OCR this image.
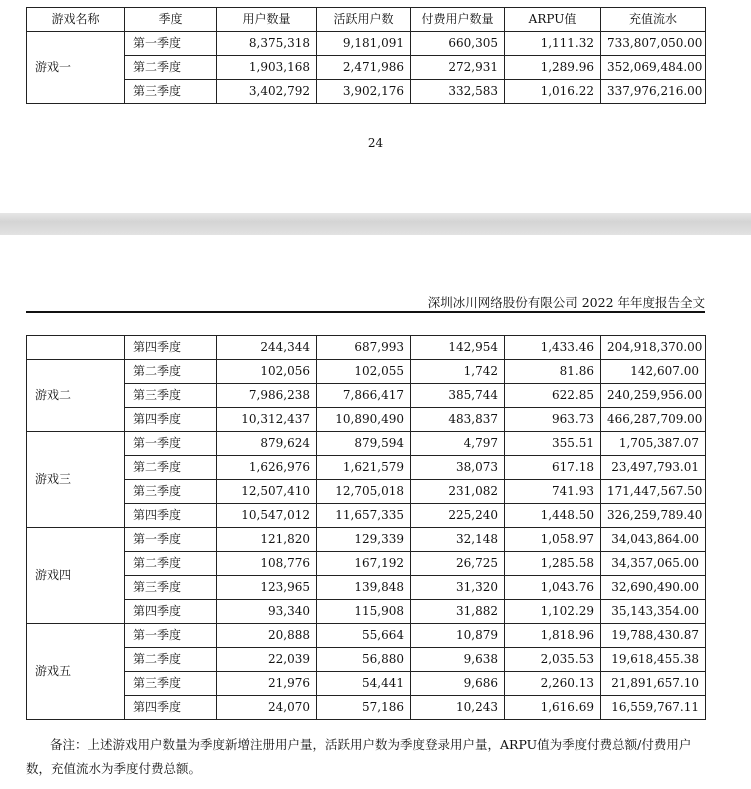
游戏名称	季度	用户数量	活跃用户数	付费用户数量	ARPU值	充值流水
游戏一	第一季度	8,375,318	9,181,091	660,305	1,111.32	733,807,050.00
	第二季度	1,903,168	2,471,986	272,931	1,289.96	352,069,484.00
	第三季度	3,402,792	3,902,176	332,583	1,016.22	337,976,216.00
24
深圳冰川网络股份有限公司 2022 年年度报告全文
	第四季度	244,344	687,993	142,954	1,433.46	204,918,370.00
游戏二	第二季度	102,056	102,055	1,742	81.86	142,607.00
	第三季度	7,986,238	7,866,417	385,744	622.85	240,259,956.00
	第四季度	10,312,437	10,890,490	483,837	963.73	466,287,709.00
游戏三	第一季度	879,624	879,594	4,797	355.51	1,705,387.07
	第二季度	1,626,976	1,621,579	38,073	617.18	23,497,793.01
	第三季度	12,507,410	12,705,018	231,082	741.93	171,447,567.50
	第四季度	10,547,012	11,657,335	225,240	1,448.50	326,259,789.40
游戏四	第一季度	121,820	129,339	32,148	1,058.97	34,043,864.00
	第二季度	108,776	167,192	26,725	1,285.58	34,357,065.00
	第三季度	123,965	139,848	31,320	1,043.76	32,690,490.00
	第四季度	93,340	115,908	31,882	1,102.29	35,143,354.00
游戏五	第一季度	20,888	55,664	10,879	1,818.96	19,788,430.87
	第二季度	22,039	56,880	9,638	2,035.53	19,618,455.38
	第三季度	21,976	54,441	9,686	2,260.13	21,891,657.10
	第四季度	24,070	57,186	10,243	1,616.69	16,559,767.11

备注：上述游戏用户数量为季度新增注册用户量，活跃用户数为季度登录用户量，ARPU值为季度付费总额/付费用户数，充值流水为季度付费总额。
